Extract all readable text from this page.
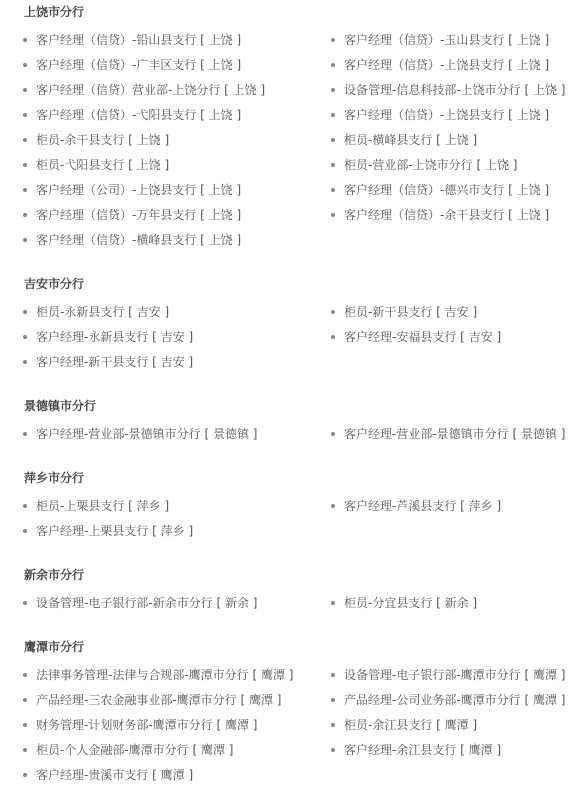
上饶市分行
客户经理（信贷）-铅山县支行 [ 上饶 ]	客户经理（信贷）-玉山县支行 [ 上饶 ]
客户经理（信贷）-广丰区支行 [ 上饶 ]	客户经理（信贷）-上饶县支行 [ 上饶 ]
客户经理（信贷）营业部-上饶分行 [ 上饶 ]	设备管理-信息科技部-上饶市分行 [ 上饶 ]
客户经理（信贷）-弋阳县支行 [ 上饶 ]	客户经理（信贷）-上饶县支行 [ 上饶 ]
柜员-余干县支行 [ 上饶 ]	柜员-横峰县支行 [ 上饶 ]
柜员-弋阳县支行 [ 上饶 ]	柜员-营业部-上饶市分行 [ 上饶 ]
客户经理（公司）-上饶县支行 [ 上饶 ]	客户经理（信贷）-德兴市支行 [ 上饶 ]
客户经理（信贷）-万年县支行 [ 上饶 ]	客户经理（信贷）-余干县支行 [ 上饶 ]
客户经理（信贷）-横峰县支行 [ 上饶 ]
吉安市分行
柜员-永新县支行 [ 吉安 ]	柜员-新干县支行 [ 吉安 ]
客户经理-永新县支行 [ 吉安 ]	客户经理-安福县支行 [ 吉安 ]
客户经理-新干县支行 [ 吉安 ]
景德镇市分行
客户经理-营业部-景德镇市分行 [ 景德镇 ]	客户经理-营业部-景德镇市分行 [ 景德镇 ]
萍乡市分行
柜员-上栗县支行 [ 萍乡 ]	客户经理-芦溪县支行 [ 萍乡 ]
客户经理-上栗县支行 [ 萍乡 ]
新余市分行
设备管理-电子银行部-新余市分行 [ 新余 ]	柜员-分宜县支行 [ 新余 ]
鹰潭市分行
法律事务管理-法律与合规部-鹰潭市分行 [ 鹰潭 ]	设备管理-电子银行部-鹰潭市分行 [ 鹰潭 ]
产品经理-三农金融事业部-鹰潭市分行 [ 鹰潭 ]	产品经理-公司业务部-鹰潭市分行 [ 鹰潭 ]
财务管理-计划财务部-鹰潭市分行 [ 鹰潭 ]	柜员-余江县支行 [ 鹰潭 ]
柜员-个人金融部-鹰潭市分行 [ 鹰潭 ]	客户经理-余江县支行 [ 鹰潭 ]
客户经理-贵溪市支行 [ 鹰潭 ]
